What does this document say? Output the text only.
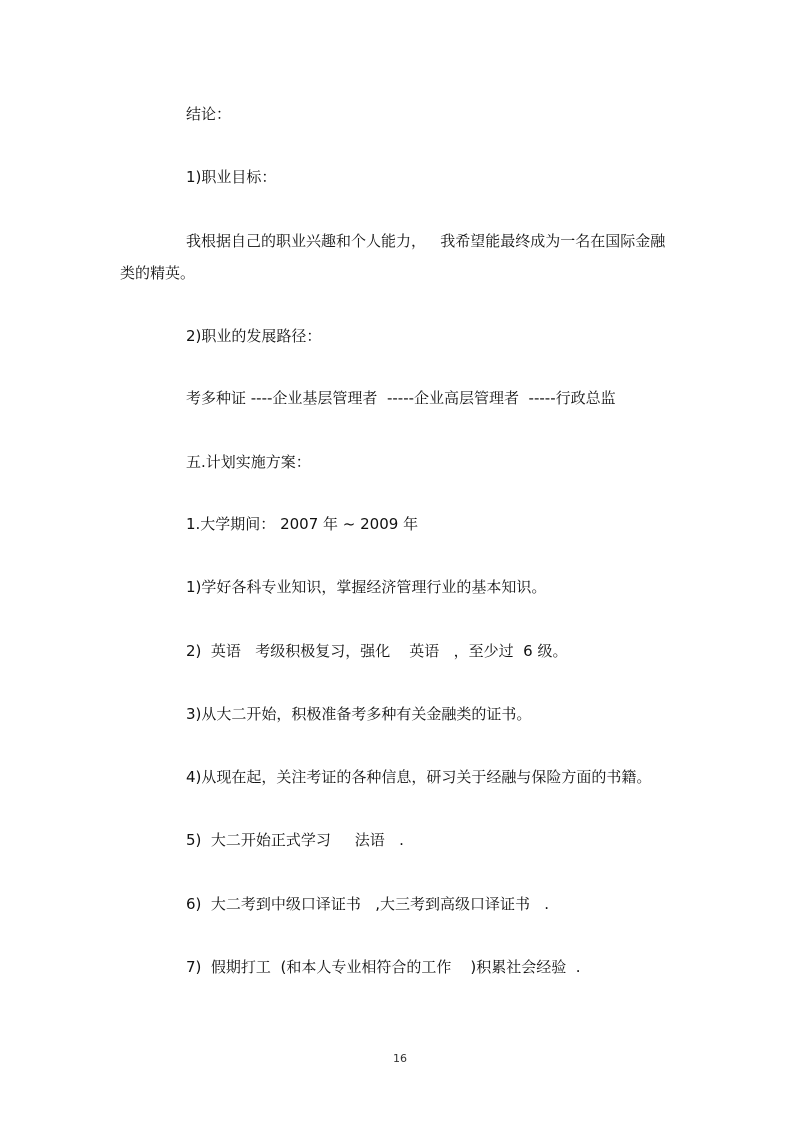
结论：
1)职业目标：
我根据自己的职业兴趣和个人能力，   我希望能最终成为一名在国际金融
类的精英。
2)职业的发展路径：
考多种证 ----企业基层管理者  -----企业高层管理者  -----行政总监
五.计划实施方案：
1.大学期间： 2007 年 ~ 2009 年
1)学好各科专业知识，掌握经济管理行业的基本知识。
2)  英语   考级积极复习，强化    英语   ，至少过  6 级。
3)从大二开始，积极准备考多种有关金融类的证书。
4)从现在起，关注考证的各种信息，研习关于经融与保险方面的书籍。
5)  大二开始正式学习     法语   .
6)  大二考到中级口译证书   ,大三考到高级口译证书   .
7)  假期打工  (和本人专业相符合的工作    )积累社会经验  .
16
